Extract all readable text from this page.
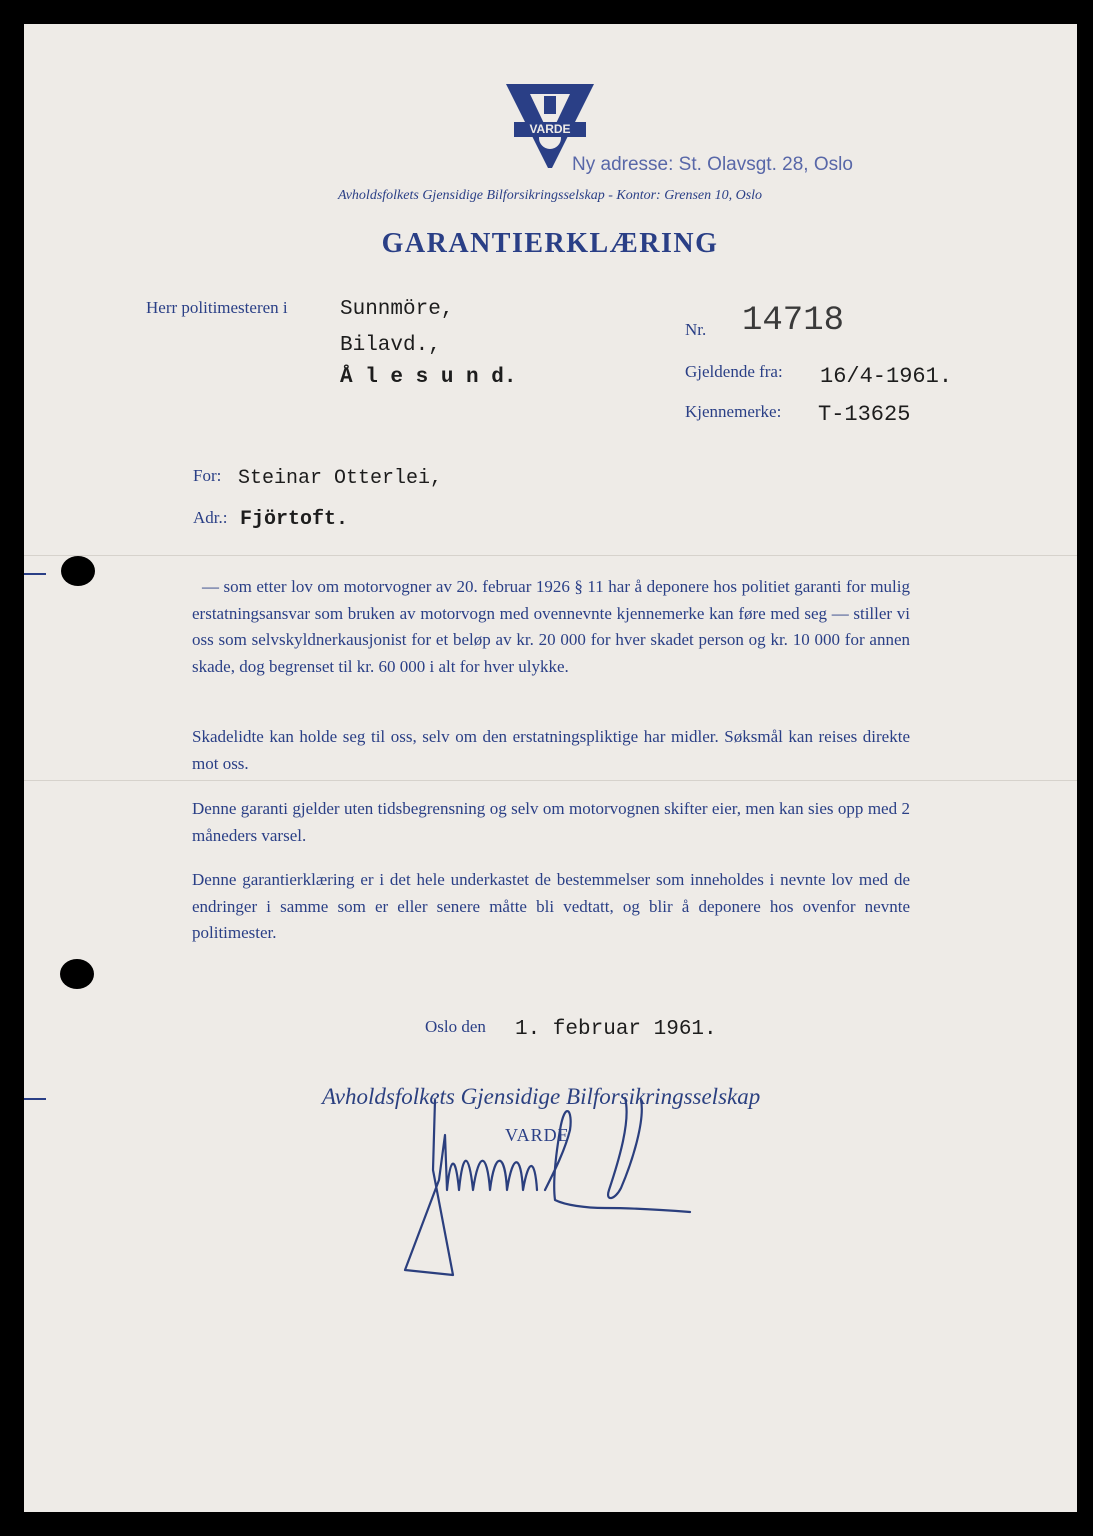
VARDE
Ny adresse: St. Olavsgt. 28, Oslo
Avholdsfolkets Gjensidige Bilforsikringsselskap - Kontor: Grensen 10, Oslo
GARANTIERKLÆRING
Herr politimesteren i Sunnmöre,
Bilavd.,
Å l e s u n d.
Nr. 14718
Gjeldende fra: 16/4-1961.
Kjennemerke: T-13625
For: Steinar Otterlei,
Adr.: Fjörtoft.

— som etter lov om motorvogner av 20. februar 1926 § 11 har å deponere hos politiet garanti for mulig erstatningsansvar som bruken av motorvogn med ovennevnte kjennemerke kan føre med seg — stiller vi oss som selvskyldnerkausjonist for et beløp av kr. 20 000 for hver skadet person og kr. 10 000 for annen skade, dog begrenset til kr. 60 000 i alt for hver ulykke.

Skadelidte kan holde seg til oss, selv om den erstatningspliktige har midler. Søksmål kan reises direkte mot oss.

Denne garanti gjelder uten tidsbegrensning og selv om motorvognen skifter eier, men kan sies opp med 2 måneders varsel.

Denne garantierklæring er i det hele underkastet de bestemmelser som inneholdes i nevnte lov med de endringer i samme som er eller senere måtte bli vedtatt, og blir å deponere hos ovenfor nevnte politimester.

Oslo den 1. februar 1961.
Avholdsfolkets Gjensidige Bilforsikringsselskap
VARDE
